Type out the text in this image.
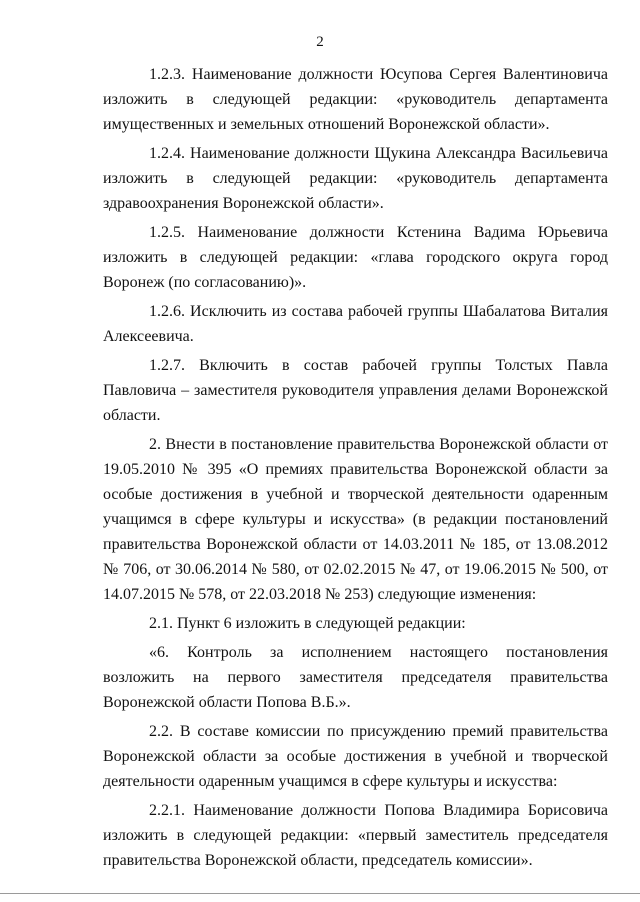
2

1.2.3. Наименование должности Юсупова Сергея Валентиновича изложить в следующей редакции: «руководитель департамента имущественных и земельных отношений Воронежской области».

1.2.4. Наименование должности Щукина Александра Васильевича изложить в следующей редакции: «руководитель департамента здравоохранения Воронежской области».

1.2.5. Наименование должности Кстенина Вадима Юрьевича изложить в следующей редакции: «глава городского округа город Воронеж (по согласованию)».

1.2.6. Исключить из состава рабочей группы Шабалатова Виталия Алексеевича.

1.2.7. Включить в состав рабочей группы Толстых Павла Павловича – заместителя руководителя управления делами Воронежской области.

2. Внести в постановление правительства Воронежской области от 19.05.2010 № 395 «О премиях правительства Воронежской области за особые достижения в учебной и творческой деятельности одаренным учащимся в сфере культуры и искусства» (в редакции постановлений правительства Воронежской области от 14.03.2011 № 185, от 13.08.2012 № 706, от 30.06.2014 № 580, от 02.02.2015 № 47, от 19.06.2015 № 500, от 14.07.2015 № 578, от 22.03.2018 № 253) следующие изменения:

2.1. Пункт 6 изложить в следующей редакции:

«6. Контроль за исполнением настоящего постановления возложить на первого заместителя председателя правительства Воронежской области Попова В.Б.».

2.2. В составе комиссии по присуждению премий правительства Воронежской области за особые достижения в учебной и творческой деятельности одаренным учащимся в сфере культуры и искусства:

2.2.1. Наименование должности Попова Владимира Борисовича изложить в следующей редакции: «первый заместитель председателя правительства Воронежской области, председатель комиссии».
